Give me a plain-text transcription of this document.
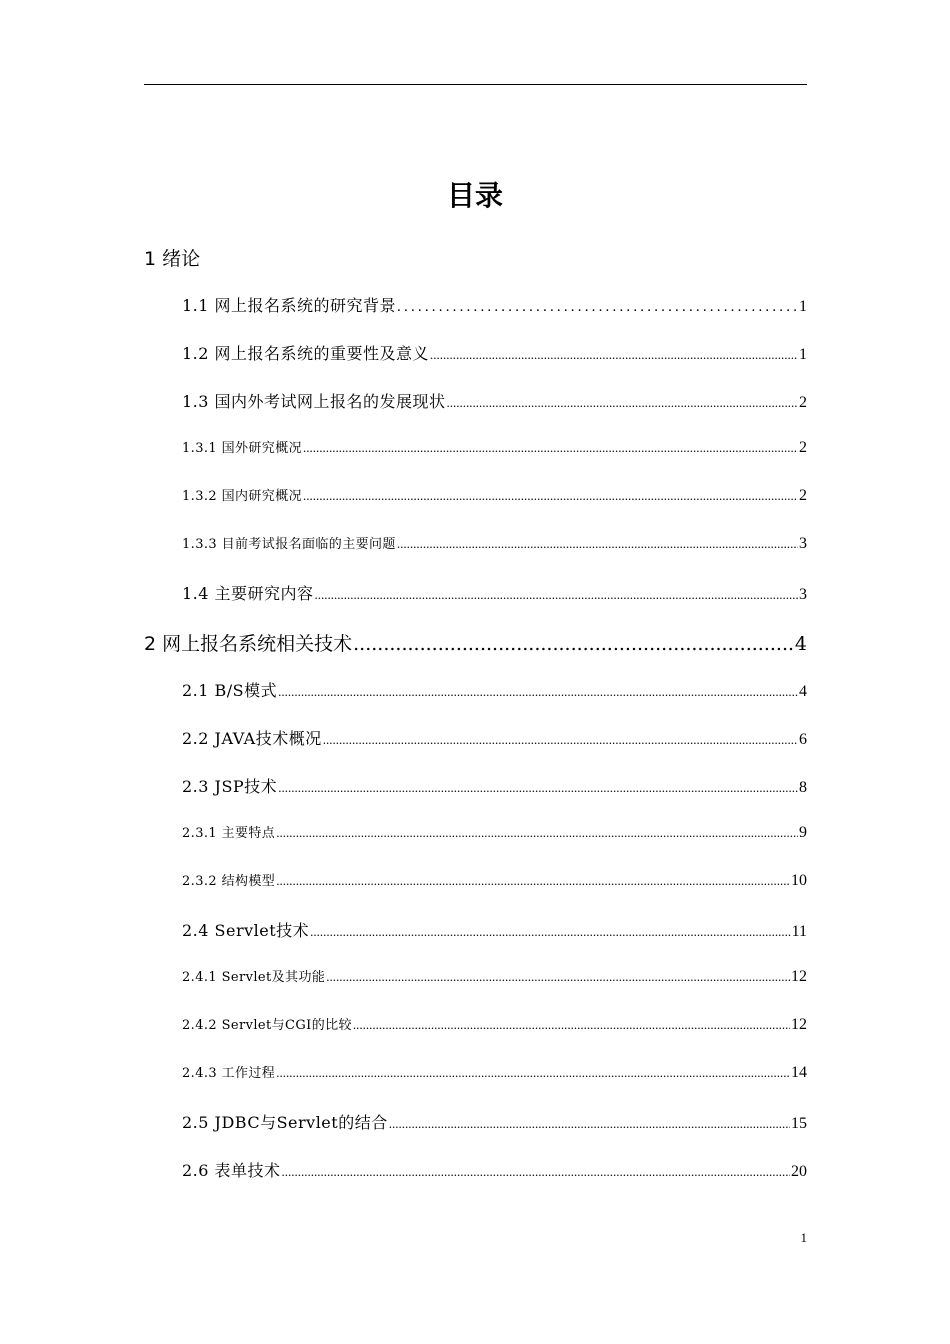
目录
1 绪论
1.1 网上报名系统的研究背景 .....	1
1.2 网上报名系统的重要性及意义 .....	1
1.3 国内外考试网上报名的发展现状 .....	2
1.3.1 国外研究概况 .....	2
1.3.2 国内研究概况 .....	2
1.3.3 目前考试报名面临的主要问题 .....	3
1.4 主要研究内容 .....	3
2 网上报名系统相关技术 .....	4
2.1 B/S模式 .....	4
2.2 JAVA技术概况 .....	6
2.3 JSP技术 .....	8
2.3.1 主要特点 .....	9
2.3.2 结构模型 .....	10
2.4 Servlet技术 .....	11
2.4.1 Servlet及其功能 .....	12
2.4.2 Servlet与CGI的比较 .....	12
2.4.3 工作过程 .....	14
2.5 JDBC与Servlet的结合 .....	15
2.6 表单技术 .....	20
1
